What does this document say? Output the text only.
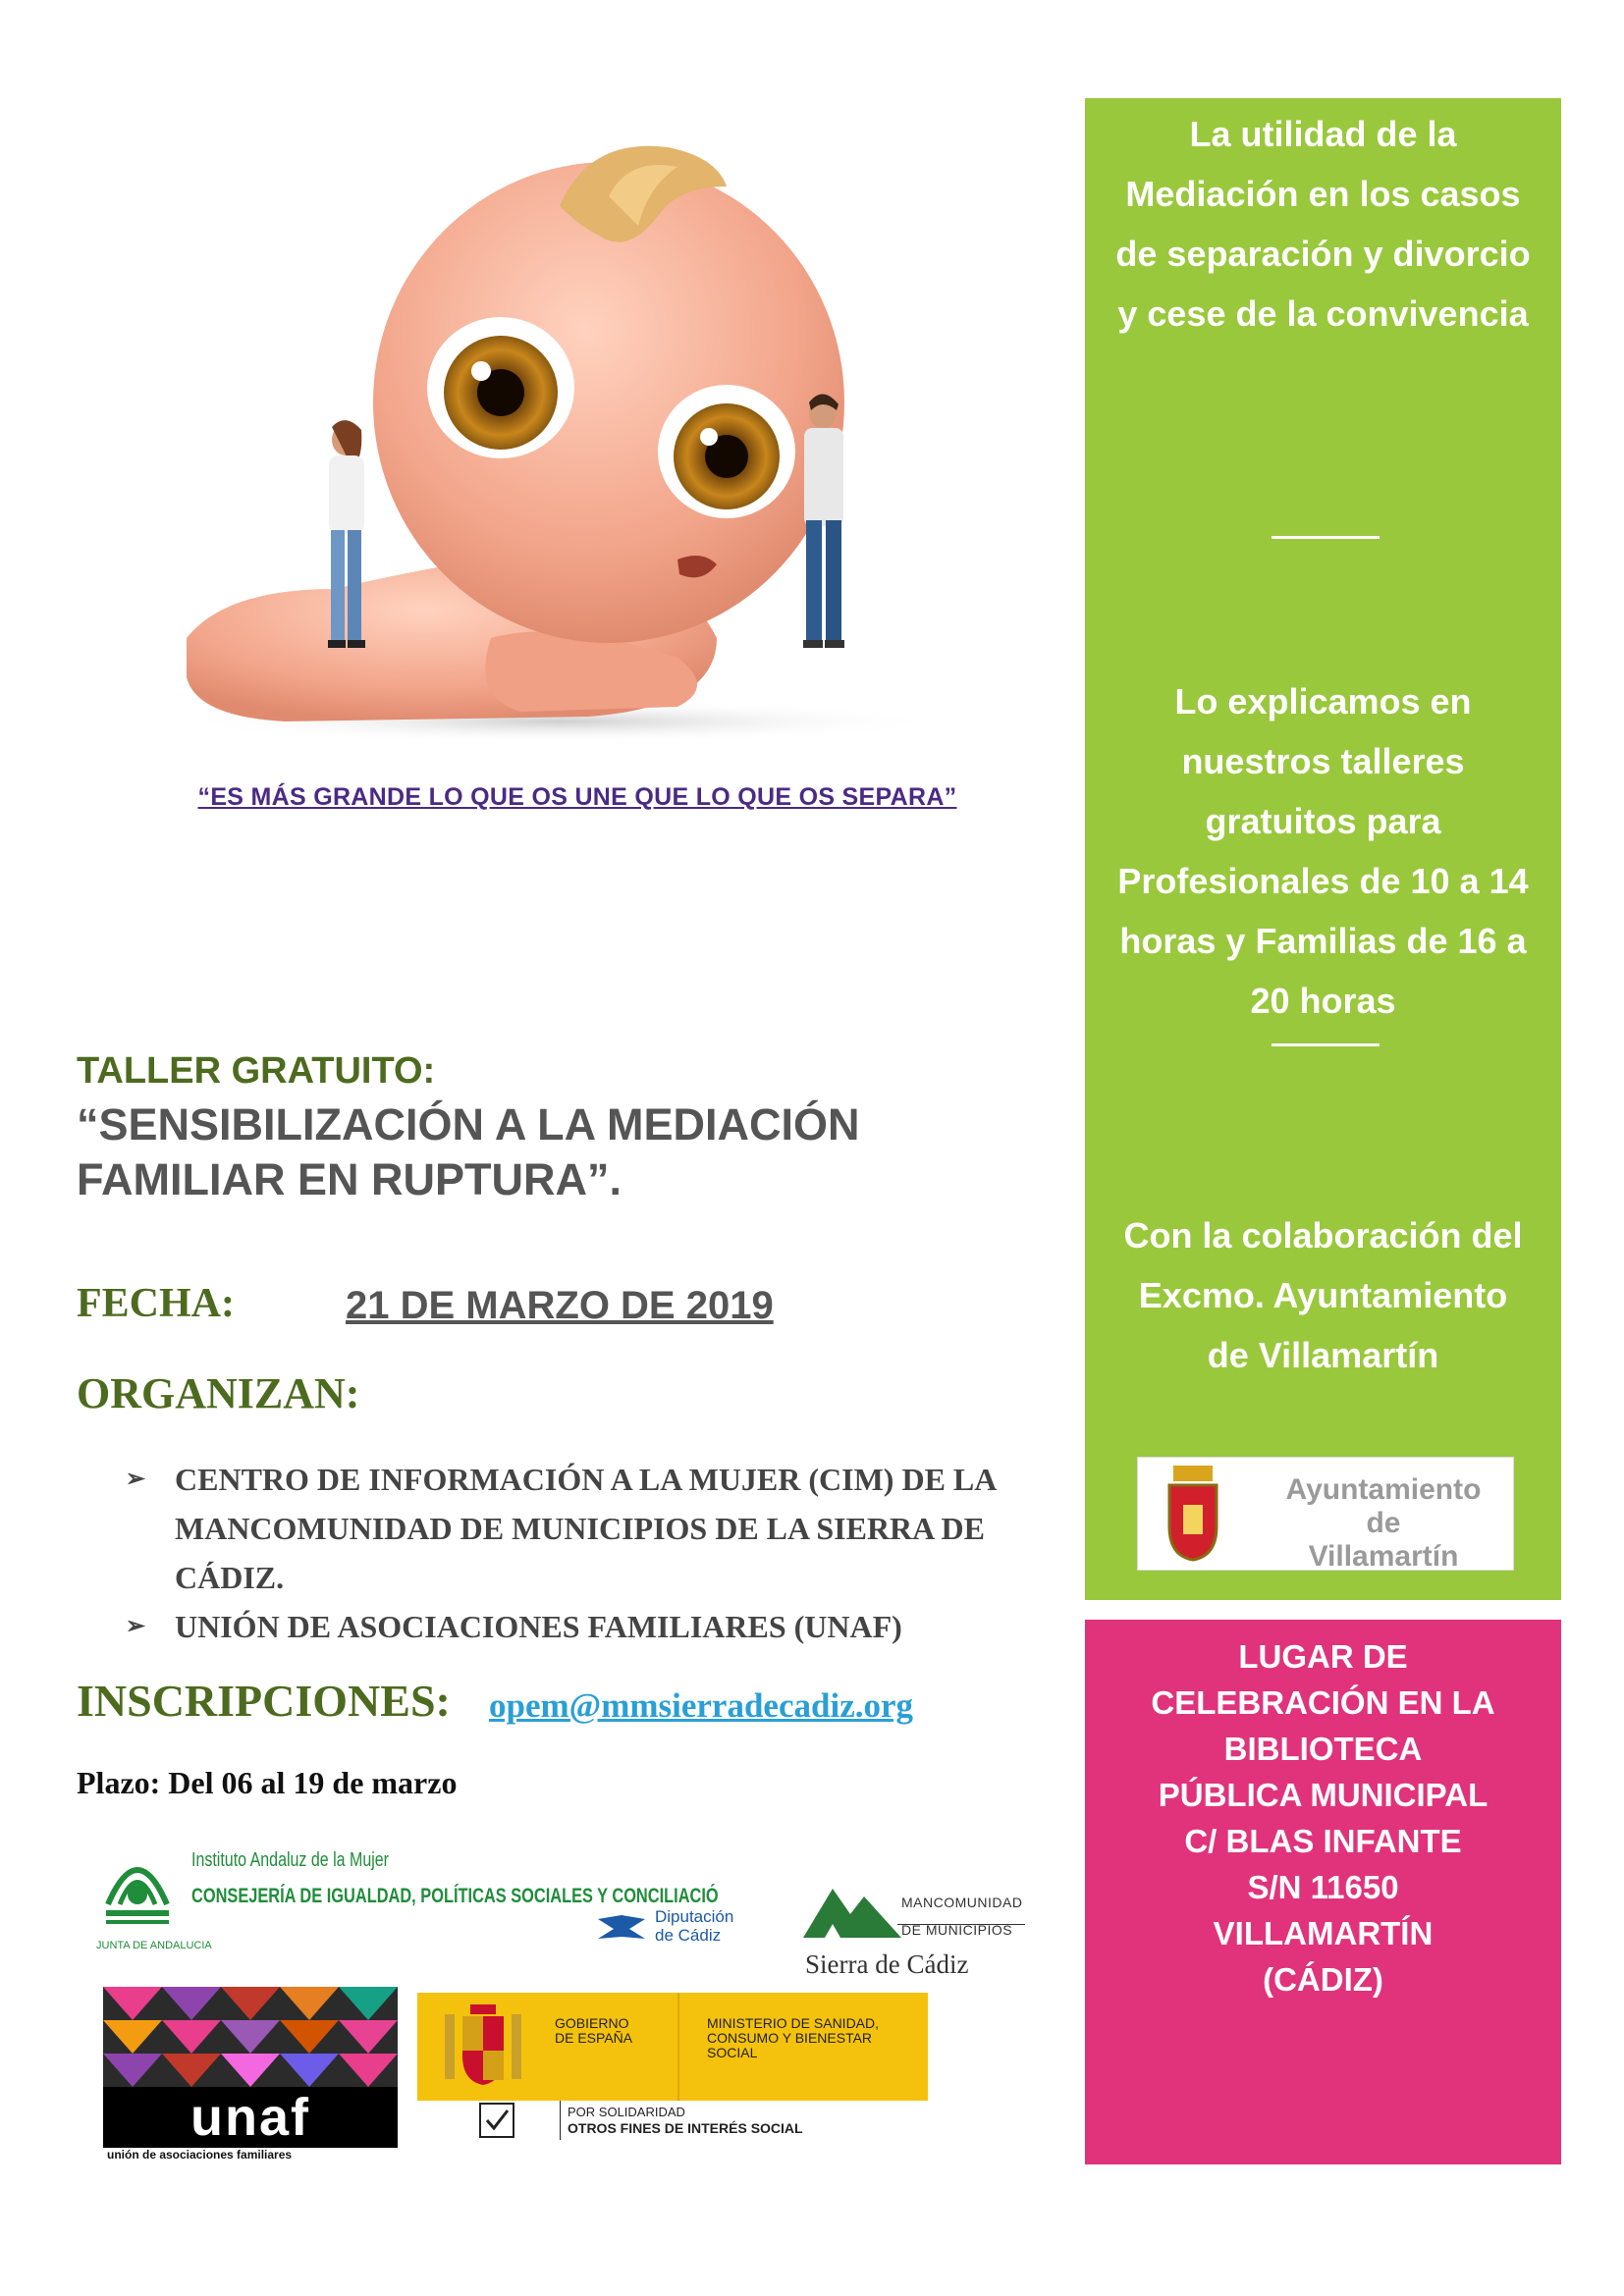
“ES MÁS GRANDE LO QUE OS UNE QUE LO QUE OS SEPARA”
TALLER GRATUITO:
“SENSIBILIZACIÓN A LA MEDIACIÓN
FAMILIAR EN RUPTURA”.
FECHA:	21 DE MARZO DE 2019
ORGANIZAN:
➢ CENTRO DE INFORMACIÓN A LA MUJER (CIM) DE LA MANCOMUNIDAD DE MUNICIPIOS DE LA SIERRA DE CÁDIZ.
➢ UNIÓN DE ASOCIACIONES FAMILIARES (UNAF)
INSCRIPCIONES: opem@mmsierradecadiz.org
Plazo: Del 06 al 19 de marzo

La utilidad de la Mediación en los casos de separación y divorcio y cese de la convivencia

Lo explicamos en nuestros talleres gratuitos para Profesionales de 10 a 14 horas y Familias de 16 a 20 horas

Con la colaboración del Excmo. Ayuntamiento de Villamartín

Ayuntamiento de
Villamartín
LUGAR DE
CELEBRACIÓN EN LA
BIBLIOTECA
PÚBLICA MUNICIPAL
C/ BLAS INFANTE
S/N 11650
VILLAMARTÍN
(CÁDIZ)
JUNTA DE ANDALUCIA
Instituto Andaluz de la Mujer
CONSEJERÍA DE IGUALDAD, POLÍTICAS SOCIALES Y CONCILIACIÓ
Diputación
de Cádiz
MANCOMUNIDAD
DE MUNICIPIOS
Sierra de Cádiz
unaf
unión de asociaciones familiares
GOBIERNO DE ESPAÑA
MINISTERIO DE SANIDAD, CONSUMO Y BIENESTAR SOCIAL
POR SOLIDARIDAD
OTROS FINES DE INTERÉS SOCIAL
